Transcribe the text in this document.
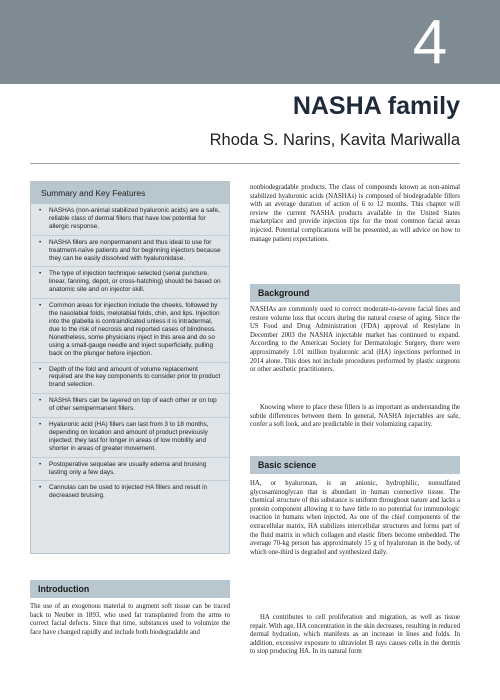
4
NASHA family
Rhoda S. Narins, Kavita Mariwalla
Summary and Key Features
• NASHAs (non-animal stabilized hyaluronic acids) are a safe, reliable class of dermal fillers that have low potential for allergic response.
• NASHA fillers are nonpermanent and thus ideal to use for treatment-naïve patients and for beginning injectors because they can be easily dissolved with hyaluronidase.
• The type of injection technique selected (serial puncture, linear, fanning, depot, or cross-hatching) should be based on anatomic site and on injector skill.
• Common areas for injection include the cheeks, followed by the nasolabial folds, melolabial folds, chin, and lips. Injection into the glabella is contraindicated unless it is intradermal, due to the risk of necrosis and reported cases of blindness. Nonetheless, some physicians inject in this area and do so using a small-gauge needle and inject superficially, pulling back on the plunger before injection.
• Depth of the fold and amount of volume replacement required are the key components to consider prior to product brand selection.
• NASHA fillers can be layered on top of each other or on top of other semipermanent fillers.
• Hyaluronic acid (HA) fillers can last from 3 to 18 months, depending on location and amount of product previously injected; they last for longer in areas of low mobility and shorter in areas of greater movement.
• Postoperative sequelae are usually edema and bruising lasting only a few days.
• Cannulas can be used to injected HA fillers and result in decreased bruising.
Introduction

The use of an exogenous material to augment soft tissue can be traced back to Neuber in 1893, who used fat transplanted from the arms to correct facial defects. Since that time, substances used to volumize the face have changed rapidly and include both biodegradable and

nonbiodegradable products. The class of compounds known as non-animal stabilized hyaluronic acids (NASHAs) is composed of biodegradable fillers with an average duration of action of 6 to 12 months. This chapter will review the current NASHA products available in the United States marketplace and provide injection tips for the most common facial areas injected. Potential complications will be presented, as will advice on how to manage patient expectations.

Background

NASHAs are commonly used to correct moderate-to-severe facial lines and restore volume loss that occurs during the natural course of aging. Since the US Food and Drug Administration (FDA) approval of Restylane in December 2003 the NASHA injectable market has continued to expand. According to the American Society for Dermatologic Surgery, there were approximately 1.01 million hyaluronic acid (HA) injections performed in 2014 alone. This does not include procedures performed by plastic surgeons or other aesthetic practitioners.

Knowing where to place these fillers is as important as understanding the subtle differences between them. In general, NASHA injectables are safe, confer a soft look, and are predictable in their volumizing capacity.

Basic science

HA, or hyaluronan, is an anionic, hydrophilic, nonsulfated glycosaminoglycan that is abundant in human connective tissue. The chemical structure of this substance is uniform throughout nature and lacks a protein component allowing it to have little to no potential for immunologic reaction in humans when injected. As one of the chief components of the extracellular matrix, HA stabilizes intercellular structures and forms part of the fluid matrix in which collagen and elastic fibers become embedded. The average 70-kg person has approximately 15 g of hyaluronan in the body, of which one-third is degraded and synthesized daily.

HA contributes to cell proliferation and migration, as well as tissue repair. With age, HA concentration in the skin decreases, resulting in reduced dermal hydration, which manifests as an increase in lines and folds. In addition, excessive exposure to ultraviolet B rays causes cells in the dermis to stop producing HA. In its natural form
